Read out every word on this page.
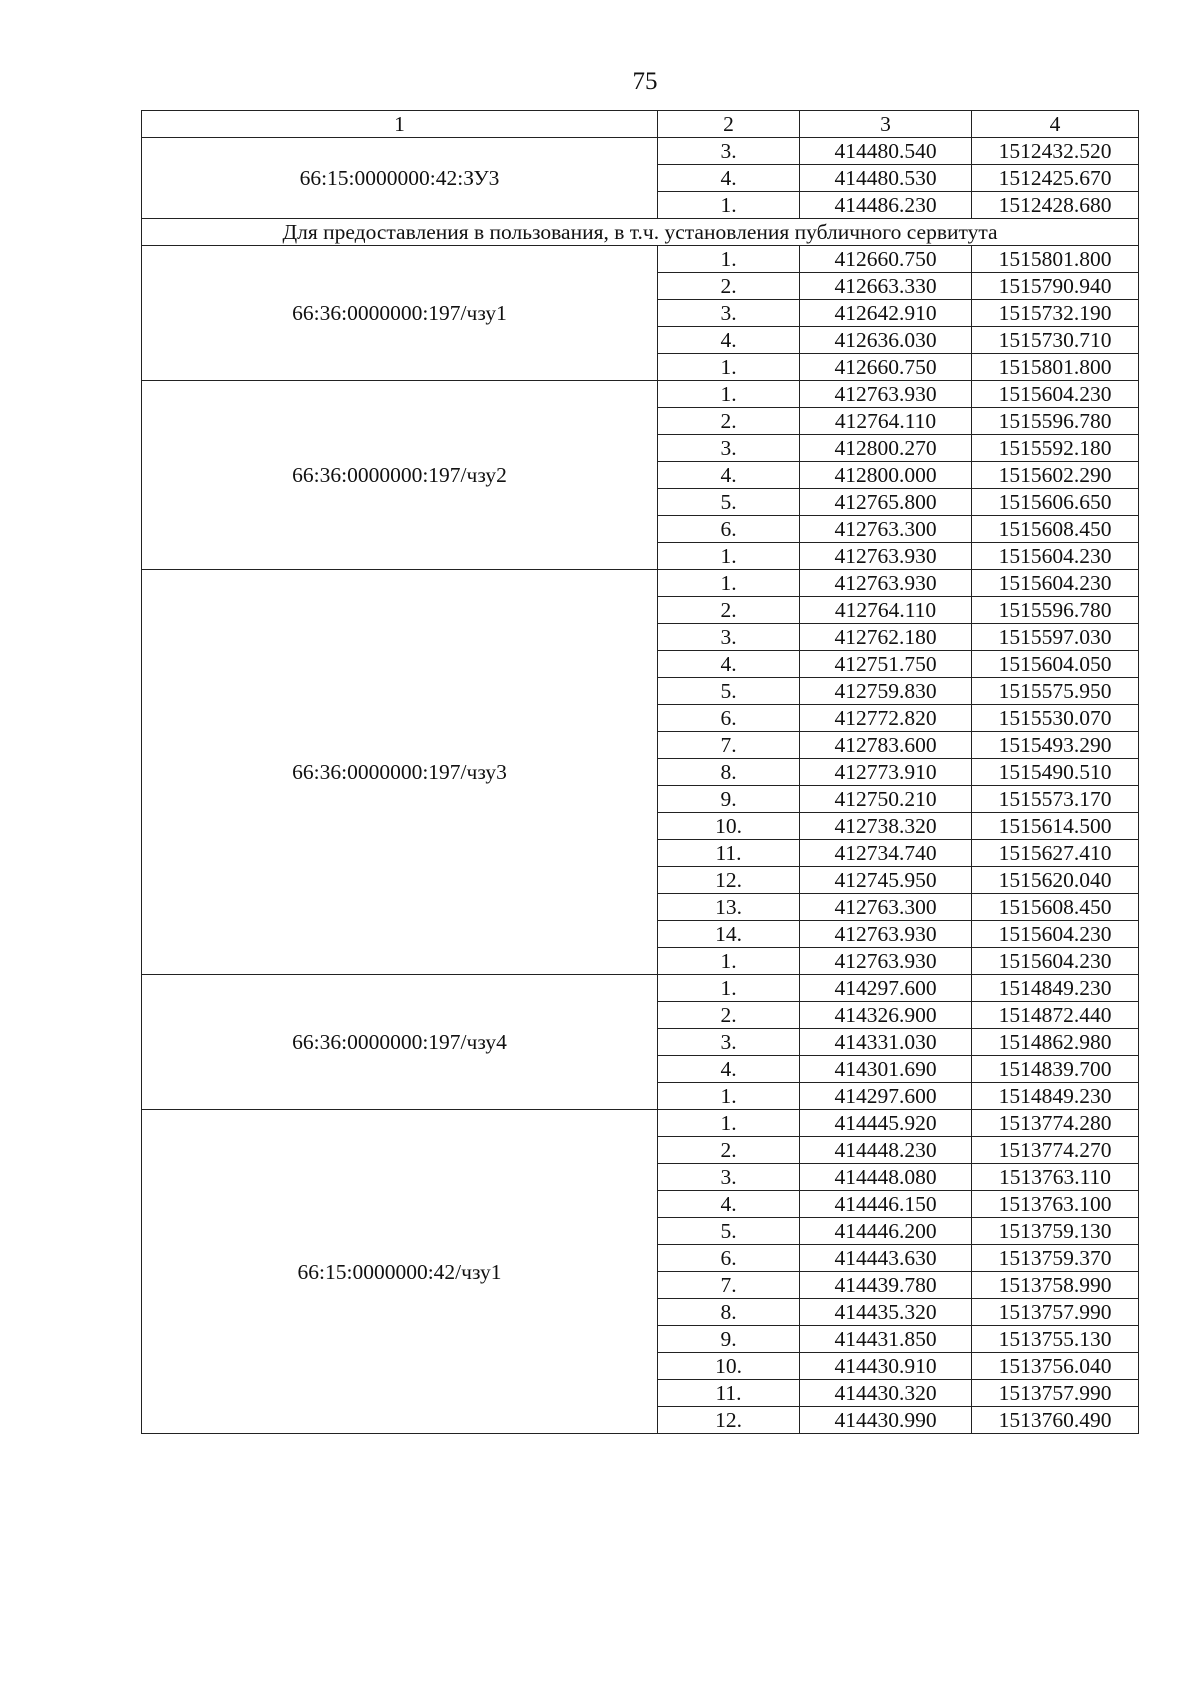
75
1	2	3	4
66:15:0000000:42:ЗУ3	3.	414480.540	1512432.520
	4.	414480.530	1512425.670
	1.	414486.230	1512428.680
Для предоставления в пользования, в т.ч. установления публичного сервитута			
66:36:0000000:197/чзу1	1.	412660.750	1515801.800
	2.	412663.330	1515790.940
	3.	412642.910	1515732.190
	4.	412636.030	1515730.710
	1.	412660.750	1515801.800
66:36:0000000:197/чзу2	1.	412763.930	1515604.230
	2.	412764.110	1515596.780
	3.	412800.270	1515592.180
	4.	412800.000	1515602.290
	5.	412765.800	1515606.650
	6.	412763.300	1515608.450
	1.	412763.930	1515604.230
66:36:0000000:197/чзу3	1.	412763.930	1515604.230
	2.	412764.110	1515596.780
	3.	412762.180	1515597.030
	4.	412751.750	1515604.050
	5.	412759.830	1515575.950
	6.	412772.820	1515530.070
	7.	412783.600	1515493.290
	8.	412773.910	1515490.510
	9.	412750.210	1515573.170
	10.	412738.320	1515614.500
	11.	412734.740	1515627.410
	12.	412745.950	1515620.040
	13.	412763.300	1515608.450
	14.	412763.930	1515604.230
	1.	412763.930	1515604.230
66:36:0000000:197/чзу4	1.	414297.600	1514849.230
	2.	414326.900	1514872.440
	3.	414331.030	1514862.980
	4.	414301.690	1514839.700
	1.	414297.600	1514849.230
66:15:0000000:42/чзу1	1.	414445.920	1513774.280
	2.	414448.230	1513774.270
	3.	414448.080	1513763.110
	4.	414446.150	1513763.100
	5.	414446.200	1513759.130
	6.	414443.630	1513759.370
	7.	414439.780	1513758.990
	8.	414435.320	1513757.990
	9.	414431.850	1513755.130
	10.	414430.910	1513756.040
	11.	414430.320	1513757.990
	12.	414430.990	1513760.490
